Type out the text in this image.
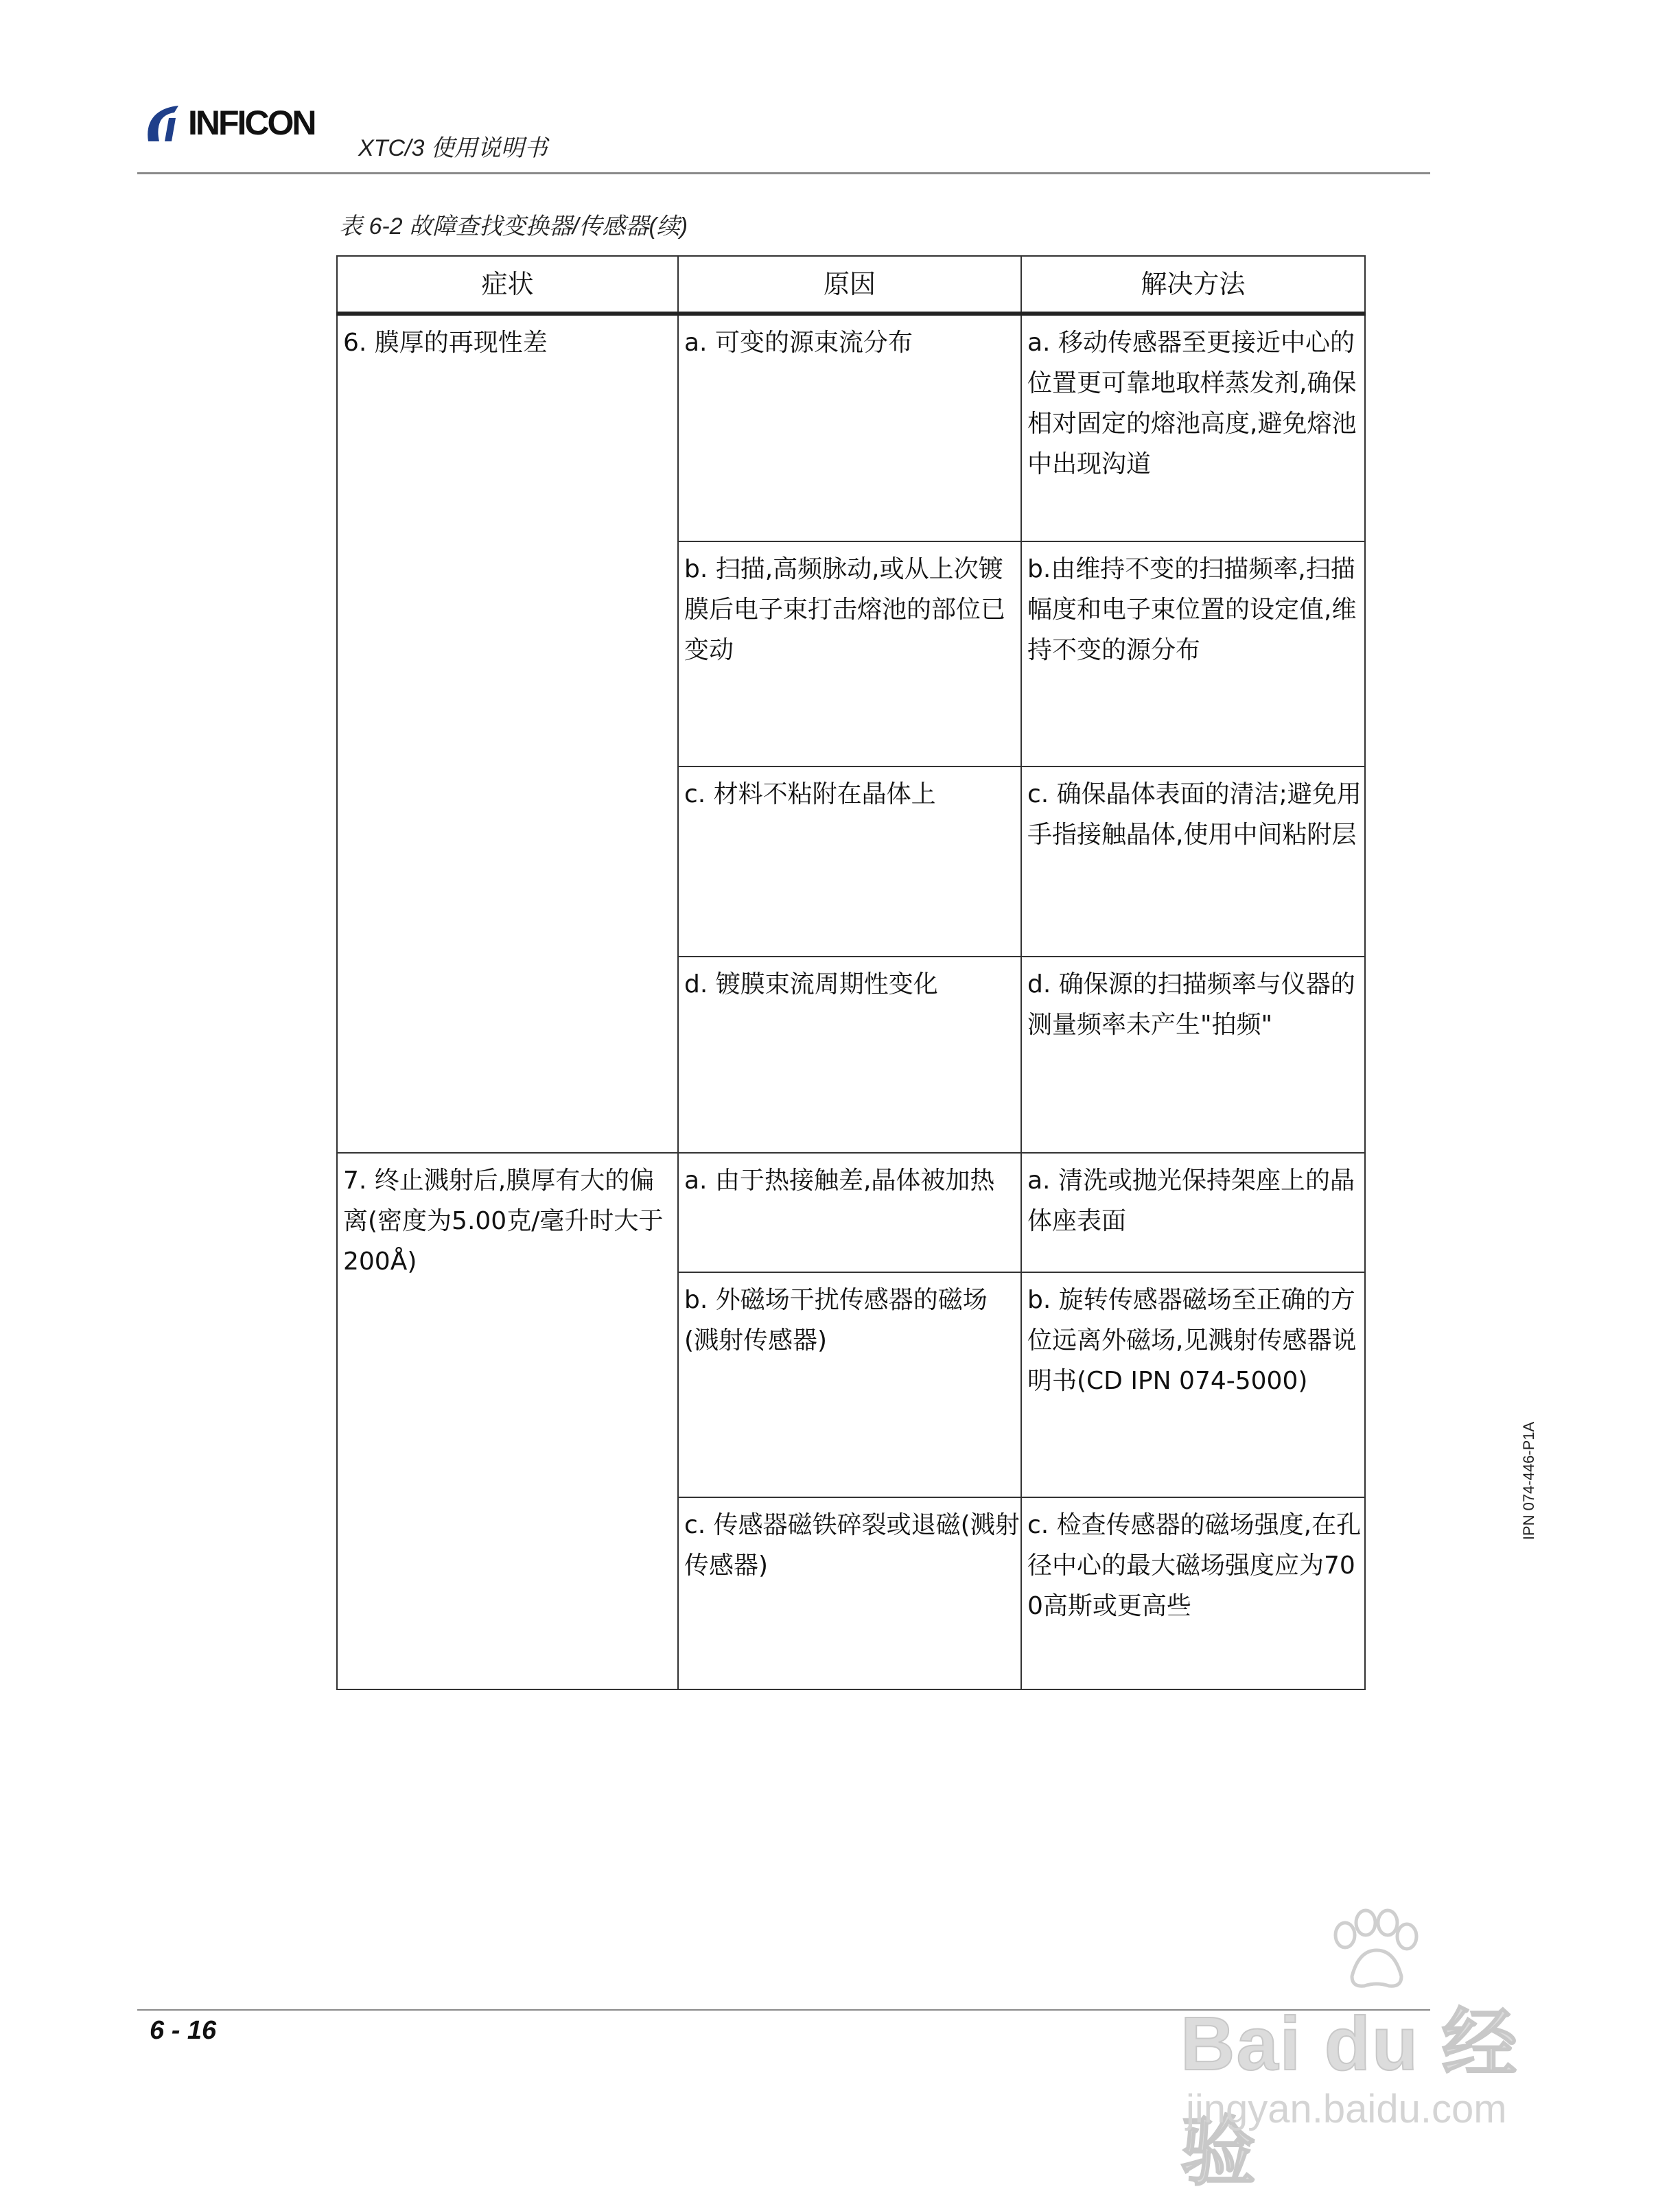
INFICON
XTC/3 使用说明书
表 6-2 故障查找变换器/传感器(续)
症状	原因	解决方法
6. 膜厚的再现性差	a. 可变的源束流分布	a. 移动传感器至更接近中心的位置更可靠地取样蒸发剂,确保相对固定的熔池高度,避免熔池中出现沟道
	b. 扫描,高频脉动,或从上次镀膜后电子束打击熔池的部位已变动	b.由维持不变的扫描频率,扫描幅度和电子束位置的设定值,维持不变的源分布
	c. 材料不粘附在晶体上	c. 确保晶体表面的清洁;避免用手指接触晶体,使用中间粘附层
	d. 镀膜束流周期性变化	d. 确保源的扫描频率与仪器的测量频率未产生"拍频"
7. 终止溅射后,膜厚有大的偏离(密度为5.00克/毫升时大于200Å)	a. 由于热接触差,晶体被加热	a. 清洗或抛光保持架座上的晶体座表面
	b. 外磁场干扰传感器的磁场(溅射传感器)	b. 旋转传感器磁场至正确的方位远离外磁场,见溅射传感器说明书(CD IPN 074-5000)
	c. 传感器磁铁碎裂或退磁(溅射传感器)	c. 检查传感器的磁场强度,在孔径中心的最大磁场强度应为700高斯或更高些
IPN 074-446-P1A
6 - 16	Bai du 经验
jingyan.baidu.com
